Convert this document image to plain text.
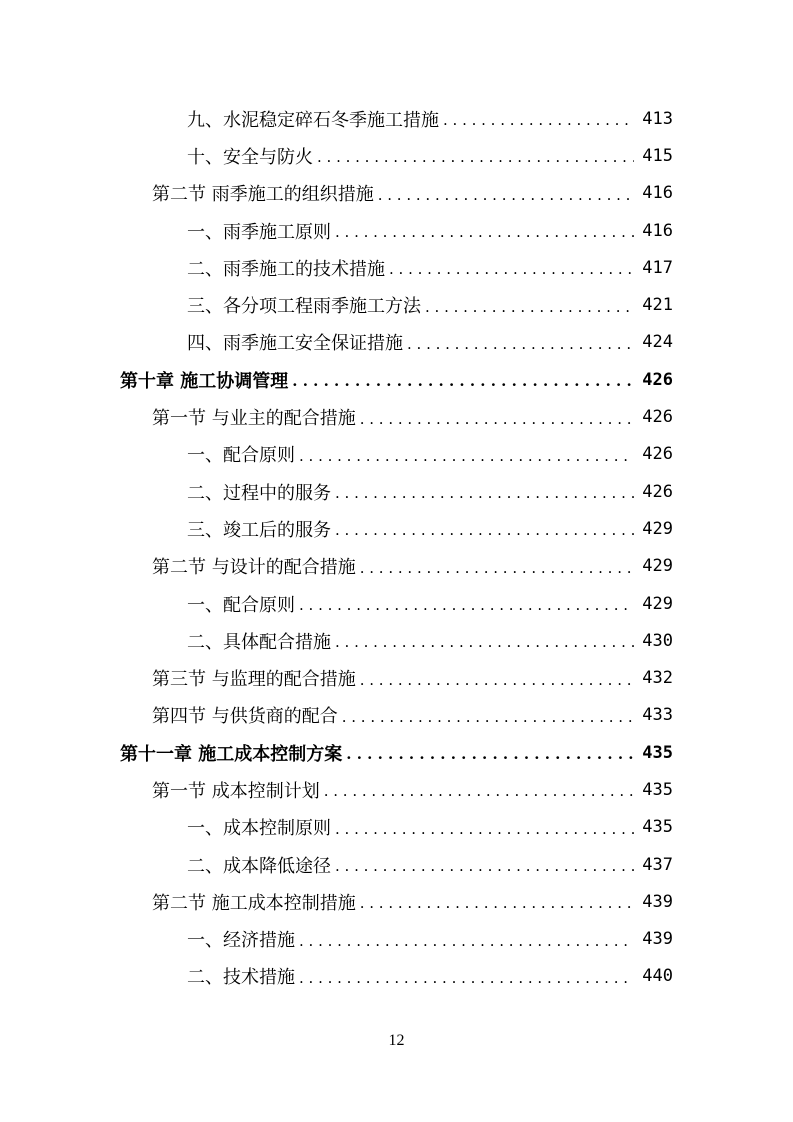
九、水泥稳定碎石冬季施工措施 . . .	413
十、安全与防火 . . .	415
第二节 雨季施工的组织措施 . . .	416
一、雨季施工原则 . . .	416
二、雨季施工的技术措施 . . .	417
三、各分项工程雨季施工方法 . . .	421
四、雨季施工安全保证措施 . . .	424
第十章 施工协调管理 . . .	426
第一节 与业主的配合措施 . . .	426
一、配合原则 . . .	426
二、过程中的服务 . . .	426
三、竣工后的服务 . . .	429
第二节 与设计的配合措施 . . .	429
一、配合原则 . . .	429
二、具体配合措施 . . .	430
第三节 与监理的配合措施 . . .	432
第四节 与供货商的配合 . . .	433
第十一章 施工成本控制方案 . . .	435
第一节 成本控制计划 . . .	435
一、成本控制原则 . . .	435
二、成本降低途径 . . .	437
第二节 施工成本控制措施 . . .	439
一、经济措施 . . .	439
二、技术措施 . . .	440
12
